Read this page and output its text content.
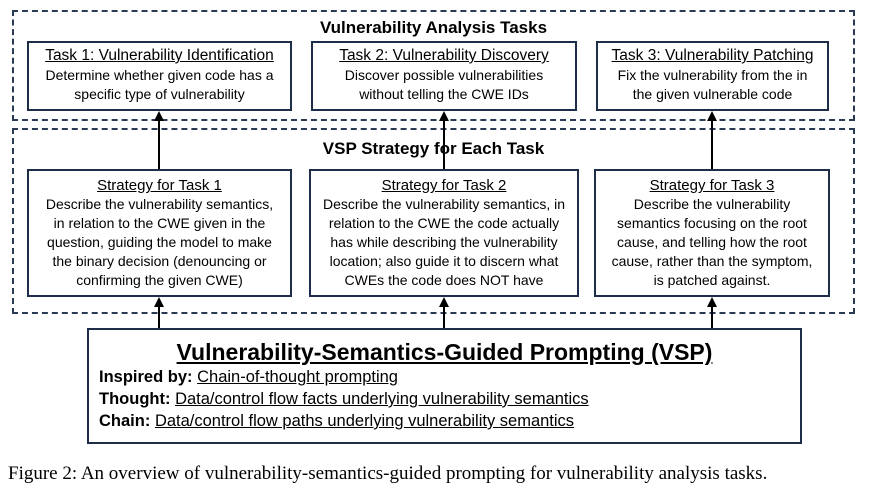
Vulnerability Analysis Tasks
Task 1: Vulnerability Identification
Determine whether given code has a
specific type of vulnerability
Task 2: Vulnerability Discovery
Discover possible vulnerabilities
without telling the CWE IDs
Task 3: Vulnerability Patching
Fix the vulnerability from the in
the given vulnerable code
VSP Strategy for Each Task
Strategy for Task 1
Describe the vulnerability semantics,
in relation to the CWE given in the
question, guiding the model to make
the binary decision (denouncing or
confirming the given CWE)
Strategy for Task 2
Describe the vulnerability semantics, in
relation to the CWE the code actually
has while describing the vulnerability
location; also guide it to discern what
CWEs the code does NOT have
Strategy for Task 3
Describe the vulnerability
semantics focusing on the root
cause, and telling how the root
cause, rather than the symptom,
is patched against.
Vulnerability-Semantics-Guided Prompting (VSP)
Inspired by: Chain-of-thought prompting
Thought: Data/control flow facts underlying vulnerability semantics
Chain: Data/control flow paths underlying vulnerability semantics
Figure 2: An overview of vulnerability-semantics-guided prompting for vulnerability analysis tasks.
